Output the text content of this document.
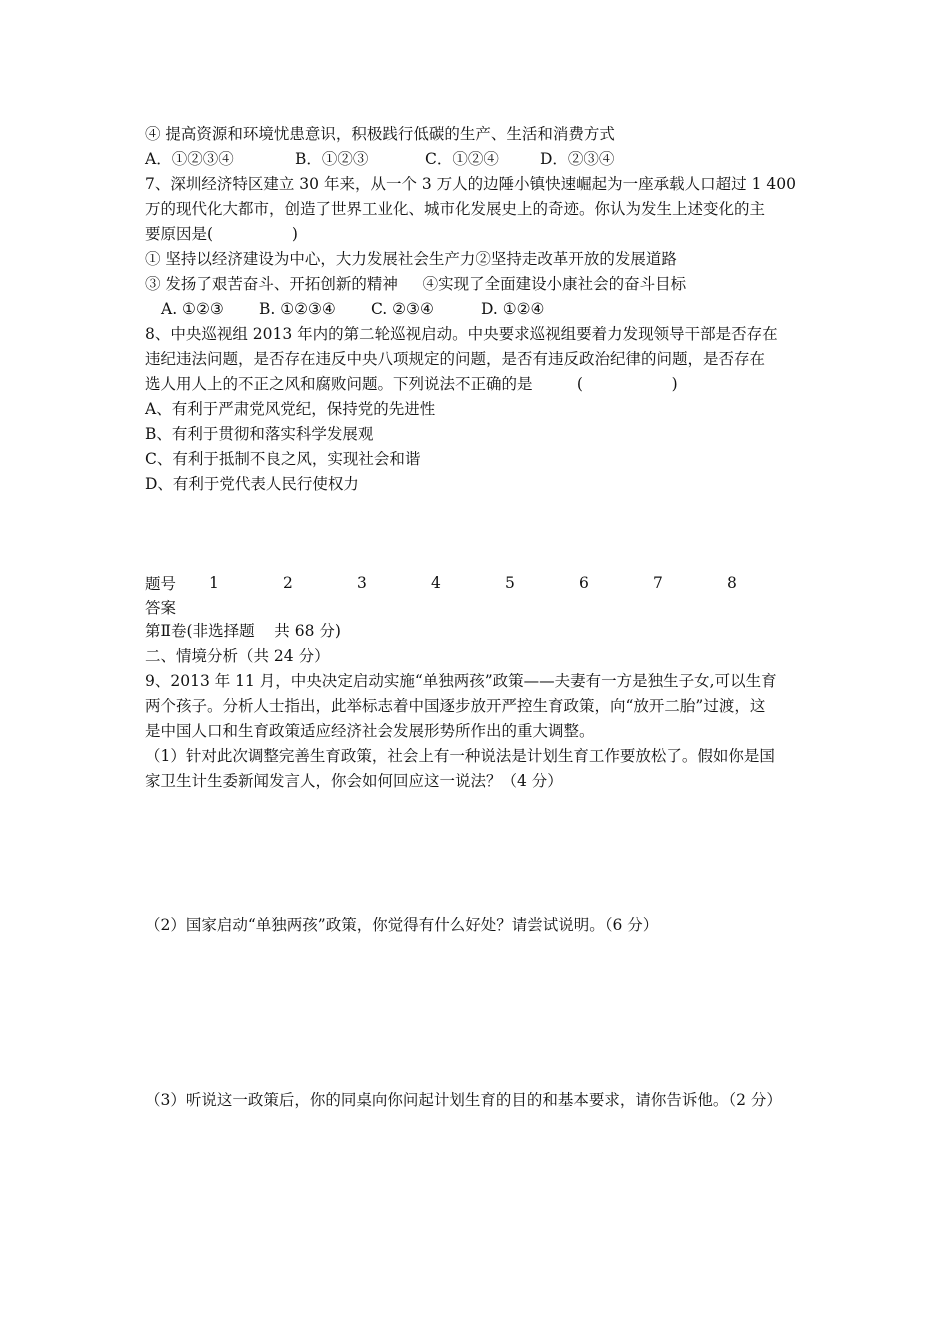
④ 提高资源和环境忧患意识，积极践行低碳的生产、生活和消费方式
A．①②③④	B．①②③	C．①②④	D．②③④
7、深圳经济特区建立 30 年来，从一个 3 万人的边陲小镇快速崛起为一座承载人口超过 1 400
万的现代化大都市，创造了世界工业化、城市化发展史上的奇迹。你认为发生上述变化的主
要原因是(                )
① 坚持以经济建设为中心，大力发展社会生产力②坚持走改革开放的发展道路
③ 发扬了艰苦奋斗、开拓创新的精神     ④实现了全面建设小康社会的奋斗目标
A. ①②③ B. ①②③④ C. ②③④	D. ①②④
8、中央巡视组 2013 年内的第二轮巡视启动。中央要求巡视组要着力发现领导干部是否存在
违纪违法问题，是否存在违反中央八项规定的问题，是否有违反政治纪律的问题，是否存在
选人用人上的不正之风和腐败问题。下列说法不正确的是         (                  )
A、有利于严肃党风党纪，保持党的先进性
B、有利于贯彻和落实科学发展观
C、有利于抵制不良之风，实现社会和谐
D、有利于党代表人民行使权力
题号	1	2	3	4	5	6	7	8
答案								
第Ⅱ卷(非选择题    共 68 分)
二、情境分析（共 24 分）
9、2013 年 11 月，中央决定启动实施“单独两孩”政策——夫妻有一方是独生子女,可以生育
两个孩子。分析人士指出，此举标志着中国逐步放开严控生育政策，向“放开二胎”过渡，这
是中国人口和生育政策适应经济社会发展形势所作出的重大调整。
（1）针对此次调整完善生育政策，社会上有一种说法是计划生育工作要放松了。假如你是国
家卫生计生委新闻发言人，你会如何回应这一说法？（4 分）
（2）国家启动“单独两孩”政策，你觉得有什么好处？请尝试说明。（6 分）
（3）听说这一政策后，你的同桌向你问起计划生育的目的和基本要求，请你告诉他。（2 分）
